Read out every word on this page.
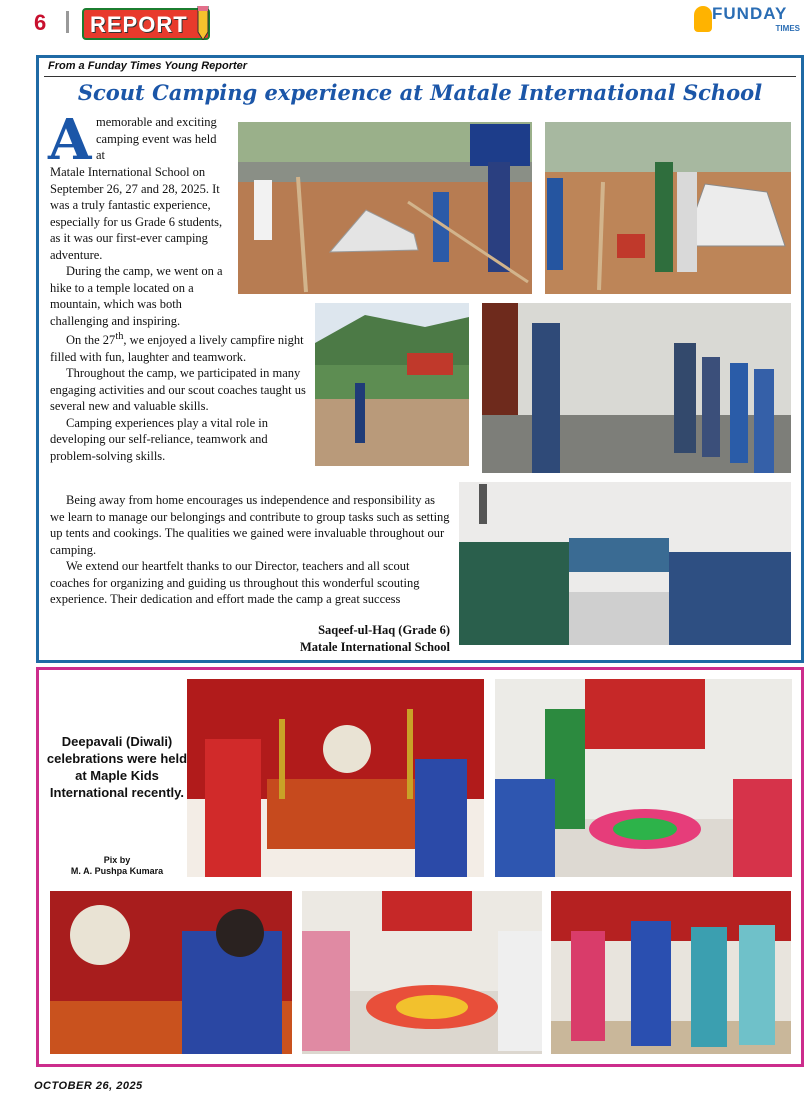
6	REPORT	FUNDAY
TIMES
From a Funday Times Young Reporter
Scout Camping experience at Matale International School
A memorable and exciting camping event was held at

Matale International School on September 26, 27 and 28, 2025. It was a truly fantastic experience, especially for us Grade 6 students, as it was our first-ever camping adventure.

During the camp, we went on a hike to a temple located on a mountain, which was both challenging and inspiring.

On the 27th, we enjoyed a lively campfire night filled with fun, laughter and teamwork.

Throughout the camp, we participated in many engaging activities and our scout coaches taught us several new and valuable skills.

Camping experiences play a vital role in developing our self-reliance, teamwork and problem-solving skills.

Being away from home encourages us independence and responsibility as we learn to manage our belongings and contribute to group tasks such as setting up tents and cookings. The qualities we gained were invaluable throughout our camping.

We extend our heartfelt thanks to our Director, teachers and all scout coaches for organizing and guiding us throughout this wonderful scouting experience. Their dedication and effort made the camp a great success

Saqeef-ul-Haq (Grade 6)
Matale International School
Deepavali (Diwali) celebrations were held at Maple Kids International recently.
Pix by
M. A. Pushpa Kumara
OCTOBER 26, 2025
